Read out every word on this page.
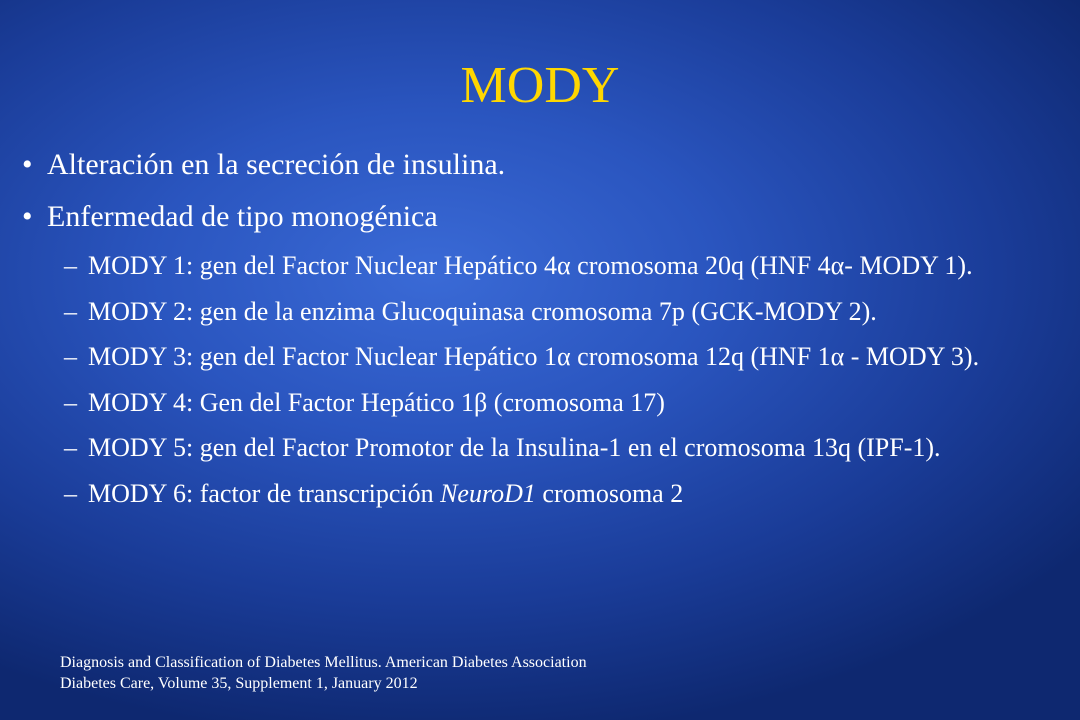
MODY
• Alteración en la secreción de insulina.
• Enfermedad de tipo monogénica
– MODY 1: gen del Factor Nuclear Hepático 4α cromosoma 20q (HNF 4α- MODY 1).
– MODY 2: gen de la enzima Glucoquinasa cromosoma 7p (GCK-MODY 2).
– MODY 3: gen del Factor Nuclear Hepático 1α cromosoma 12q (HNF 1α - MODY 3).
– MODY 4: Gen del Factor Hepático 1β (cromosoma 17)
– MODY 5: gen del Factor Promotor de la Insulina-1 en el cromosoma 13q (IPF-1).
– MODY 6: factor de transcripción NeuroD1 cromosoma 2
Diagnosis and Classification of Diabetes Mellitus. American Diabetes Association
Diabetes Care, Volume 35, Supplement 1, January 2012
